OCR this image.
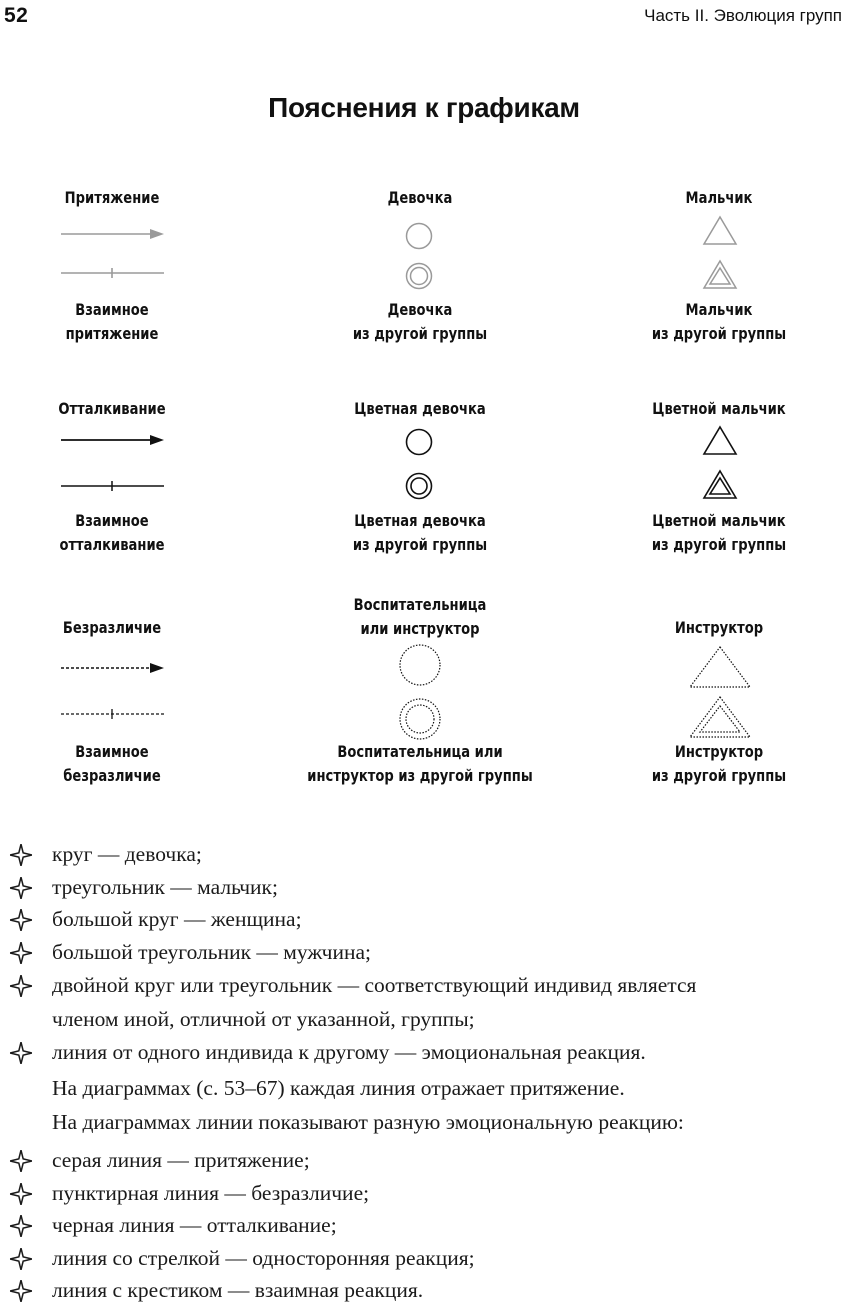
52	Часть II. Эволюция групп
Пояснения к графикам
Притяжение
Взаимное
притяжение
Отталкивание
Взаимное
отталкивание
Безразличие
Взаимное
безразличие
Девочка
Девочка
из другой группы
Цветная девочка
Цветная девочка
из другой группы
Воспитательница
или инструктор
Воспитательница или
инструктор из другой группы
Мальчик
Мальчик
из другой группы
Цветной мальчик
Цветной мальчик
из другой группы
Инструктор
Инструктор
из другой группы
круг — девочка;
треугольник — мальчик;
большой круг — женщина;
большой треугольник — мужчина;
двойной круг или треугольник — соответствующий индивид является
членом иной, отличной от указанной, группы;
линия от одного индивида к другому — эмоциональная реакция.
На диаграммах (с. 53–67) каждая линия отражает притяжение.
На диаграммах линии показывают разную эмоциональную реакцию:
серая линия — притяжение;
пунктирная линия — безразличие;
черная линия — отталкивание;
линия со стрелкой — односторонняя реакция;
линия с крестиком — взаимная реакция.
